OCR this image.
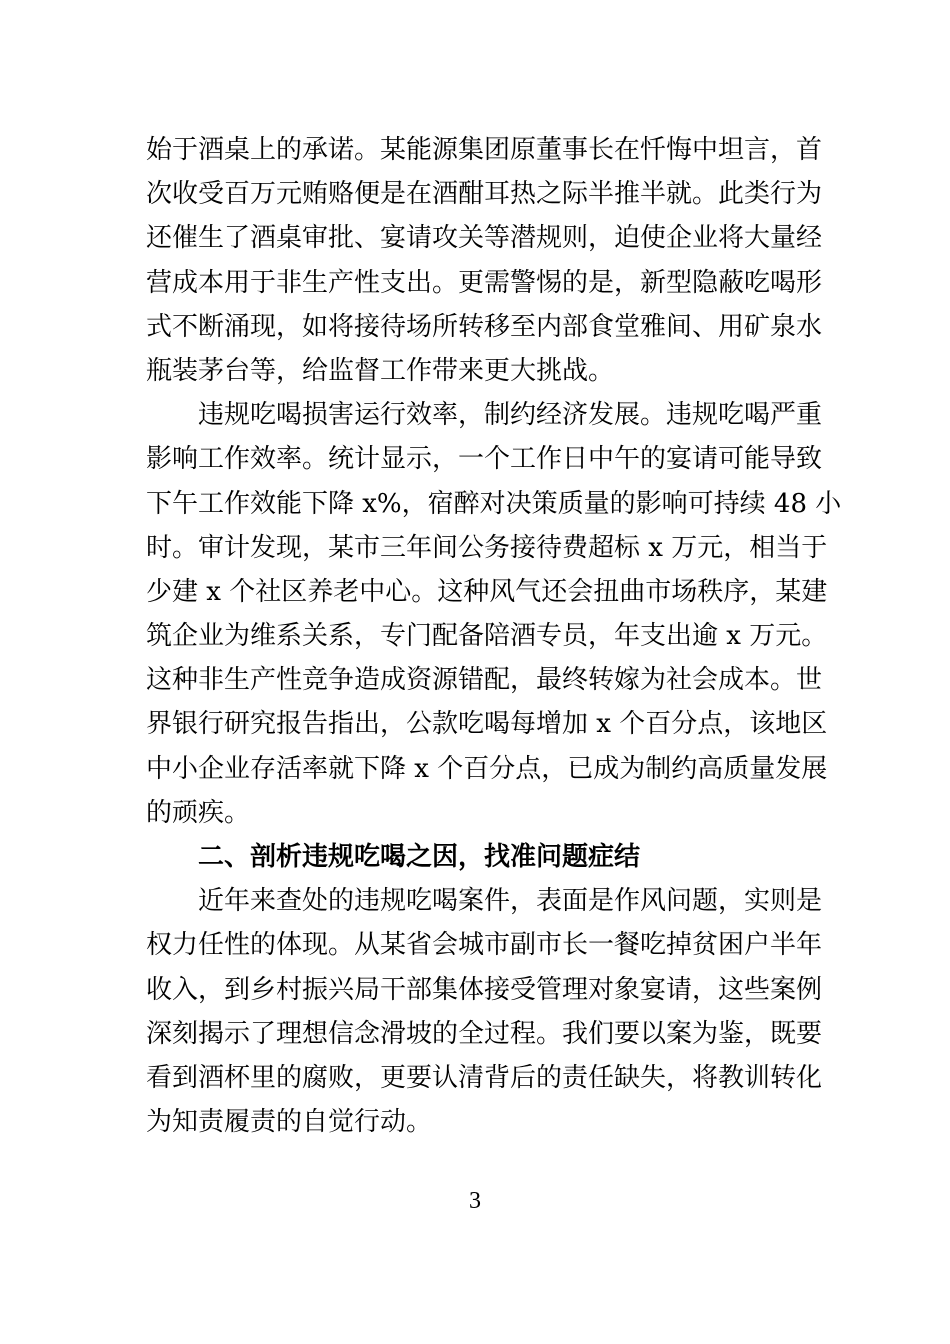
始于酒桌上的承诺。某能源集团原董事长在忏悔中坦言，首
次收受百万元贿赂便是在酒酣耳热之际半推半就。此类行为
还催生了酒桌审批、宴请攻关等潜规则，迫使企业将大量经
营成本用于非生产性支出。更需警惕的是，新型隐蔽吃喝形
式不断涌现，如将接待场所转移至内部食堂雅间、用矿泉水
瓶装茅台等，给监督工作带来更大挑战。
违规吃喝损害运行效率，制约经济发展。违规吃喝严重
影响工作效率。统计显示，一个工作日中午的宴请可能导致
下午工作效能下降 x%，宿醉对决策质量的影响可持续 48 小
时。审计发现，某市三年间公务接待费超标 x 万元，相当于
少建 x 个社区养老中心。这种风气还会扭曲市场秩序，某建
筑企业为维系关系，专门配备陪酒专员，年支出逾 x 万元。
这种非生产性竞争造成资源错配，最终转嫁为社会成本。世
界银行研究报告指出，公款吃喝每增加 x 个百分点，该地区
中小企业存活率就下降 x 个百分点，已成为制约高质量发展
的顽疾。
二、剖析违规吃喝之因，找准问题症结
近年来查处的违规吃喝案件，表面是作风问题，实则是
权力任性的体现。从某省会城市副市长一餐吃掉贫困户半年
收入，到乡村振兴局干部集体接受管理对象宴请，这些案例
深刻揭示了理想信念滑坡的全过程。我们要以案为鉴，既要
看到酒杯里的腐败，更要认清背后的责任缺失，将教训转化
为知责履责的自觉行动。
3
